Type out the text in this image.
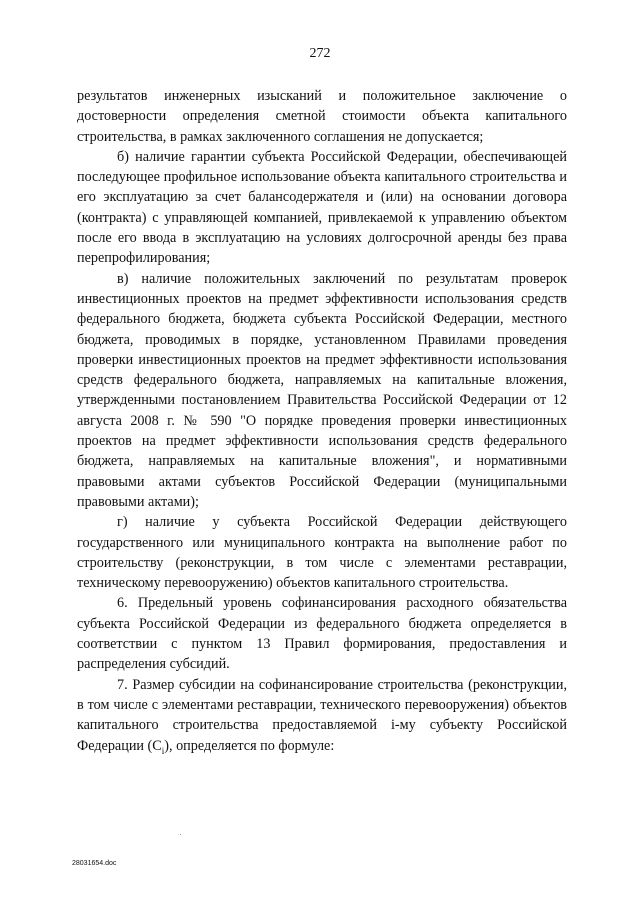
272

результатов инженерных изысканий и положительное заключение о достоверности определения сметной стоимости объекта капитального строительства, в рамках заключенного соглашения не допускается;

б) наличие гарантии субъекта Российской Федерации, обеспечивающей последующее профильное использование объекта капитального строительства и его эксплуатацию за счет балансодержателя и (или) на основании договора (контракта) с управляющей компанией, привлекаемой к управлению объектом после его ввода в эксплуатацию на условиях долгосрочной аренды без права перепрофилирования;

в) наличие положительных заключений по результатам проверок инвестиционных проектов на предмет эффективности использования средств федерального бюджета, бюджета субъекта Российской Федерации, местного бюджета, проводимых в порядке, установленном Правилами проведения проверки инвестиционных проектов на предмет эффективности использования средств федерального бюджета, направляемых на капитальные вложения, утвержденными постановлением Правительства Российской Федерации от 12 августа 2008 г. № 590 "О порядке проведения проверки инвестиционных проектов на предмет эффективности использования средств федерального бюджета, направляемых на капитальные вложения", и нормативными правовыми актами субъектов Российской Федерации (муниципальными правовыми актами);

г) наличие у субъекта Российской Федерации действующего государственного или муниципального контракта на выполнение работ по строительству (реконструкции, в том числе с элементами реставрации, техническому перевооружению) объектов капитального строительства.

6. Предельный уровень софинансирования расходного обязательства субъекта Российской Федерации из федерального бюджета определяется в соответствии с пунктом 13 Правил формирования, предоставления и распределения субсидий.

7. Размер субсидии на софинансирование строительства (реконструкции, в том числе с элементами реставрации, технического перевооружения) объектов капитального строительства предоставляемой i-му субъекту Российской Федерации $(C_i)$, определяется по формуле:

28031654.doc
